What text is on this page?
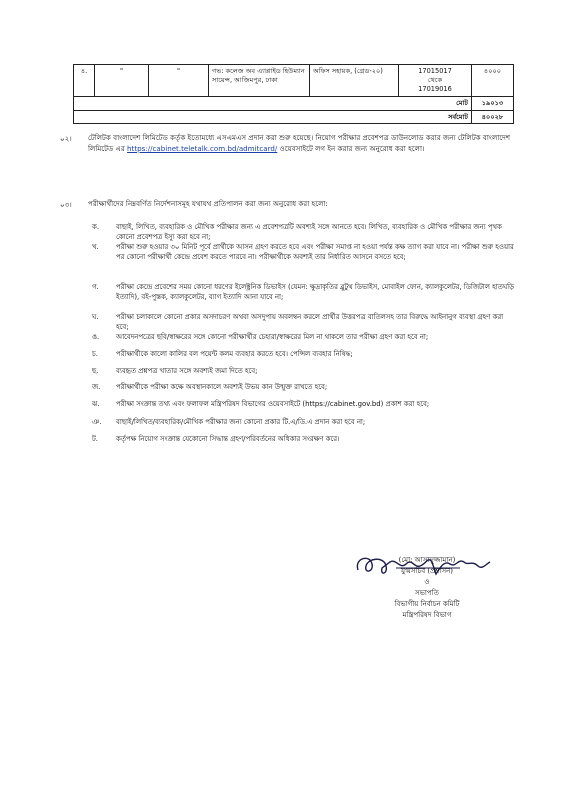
৪.	"	"	গভ: কলেজ অব এ্যাপ্লাইড হিউম্যান সায়েন্স, আজিমপুর, ঢাকা	অফিস সহায়ক, (গ্রেড-২০)	17015017
থেকে
17019016	৪০০০
মোট						১৯০১৩
সর্বমোট						৪০০২৮
০২। টেলিটক বাংলাদেশ লিমিটেড কর্তৃক ইতোমধ্যে এসএমএস প্রদান করা শুরু হয়েছে। নিয়োগ পরীক্ষার প্রবেশপত্র ডাউনলোড করার জন্য টেলিটক বাংলাদেশ লিমিটেড এর https://cabinet.teletalk.com.bd/admitcard/ ওয়েবসাইটে লগ ইন করার জন্য অনুরোধ করা হলো।
০৩। পরীক্ষার্থীদের নিম্নবর্ণিত নির্দেশনাসমূহ যথাযথ প্রতিপালন করা জন্য অনুরোধ করা হলো:
ক. বাছাই, লিখিত, ব্যবহারিক ও মৌখিক পরীক্ষার জন্য এ প্রবেশপত্রটি অবশ্যই সঙ্গে আনতে হবে। লিখিত, ব্যবহারিক ও মৌখিক পরীক্ষার জন্য পৃথক কোনো প্রবেশপত্র ইস্যু করা হবে না;
খ.	পরীক্ষা শুরু হওয়ার ৩০ মিনিট পূর্বে প্রার্থীকে আসন গ্রহণ করতে হবে এবং পরীক্ষা সমাপ্ত না হওয়া পর্যন্ত কক্ষ ত্যাগ করা যাবে না। পরীক্ষা শুরু হওয়ার পর কোনো পরীক্ষার্থী কেন্দ্রে প্রবেশ করতে পারবে না। পরীক্ষার্থীকে অবশ্যই তার নির্ধারিত আসনে বসতে হবে;
গ.	পরীক্ষা কেন্দ্রে প্রবেশের সময় কোনো ধরণের ইলেক্ট্রনিক ডিভাইস (যেমন: ক্ষুদ্রাকৃতির ব্লুটুথ ডিভাইস, মোবাইল ফোন, ক্যালকুলেটর, ডিজিটাল হাতঘড়ি ইত্যাদি), বই-পুস্তক, ক্যালকুলেটর, ব্যাগ ইত্যাদি আনা যাবে না;
ঘ.	পরীক্ষা চলাকালে কোনো প্রকার অসদাচরণ অথবা অসদুপায় অবলম্বন করলে প্রার্থীর উত্তরপত্র বাতিলসহ তার বিরুদ্ধে আইনানুগ ব্যবস্থা গ্রহণ করা হবে;
ঙ. আবেদনপত্রের ছবি/স্বাক্ষরের সঙ্গে কোনো পরীক্ষার্থীর চেহারা/স্বাক্ষরের মিল না থাকলে তার পরীক্ষা গ্রহণ করা হবে না;
চ.	পরীক্ষার্থীকে কালো কালির বল পয়েন্ট কলম ব্যবহার করতে হবে। পেন্সিল ব্যবহার নিষিদ্ধ;
ছ.	ব্যবহৃত প্রশ্নপত্র খাতার সঙ্গে অবশ্যই জমা দিতে হবে;
জ. পরীক্ষার্থীকে পরীক্ষা কক্ষে অবস্থানকালে অবশ্যই উভয় কান উন্মুক্ত রাখতে হবে;
ঝ. পরীক্ষা সংক্রান্ত তথ্য এবং ফলাফল মন্ত্রিপরিষদ বিভাগের ওয়েবসাইটে (https://cabinet.gov.bd) প্রকাশ করা হবে;
ঞ. বাছাই/লিখিত/ব্যবহারিক/মৌখিক পরীক্ষার জন্য কোনো প্রকার টি.এ/ডি.এ প্রদান করা হবে না;
ট.	কর্তৃপক্ষ নিয়োগ সংক্রান্ত যেকোনো সিদ্ধান্ত গ্রহণ/পরিবর্তনের অধিকার সংরক্ষণ করে।
(মো: আসাদুজ্জামান)
যুগ্মসচিব (প্রশাসন)
ও
সভাপতি
বিভাগীয় নির্বাচন কমিটি
মন্ত্রিপরিষদ বিভাগ
